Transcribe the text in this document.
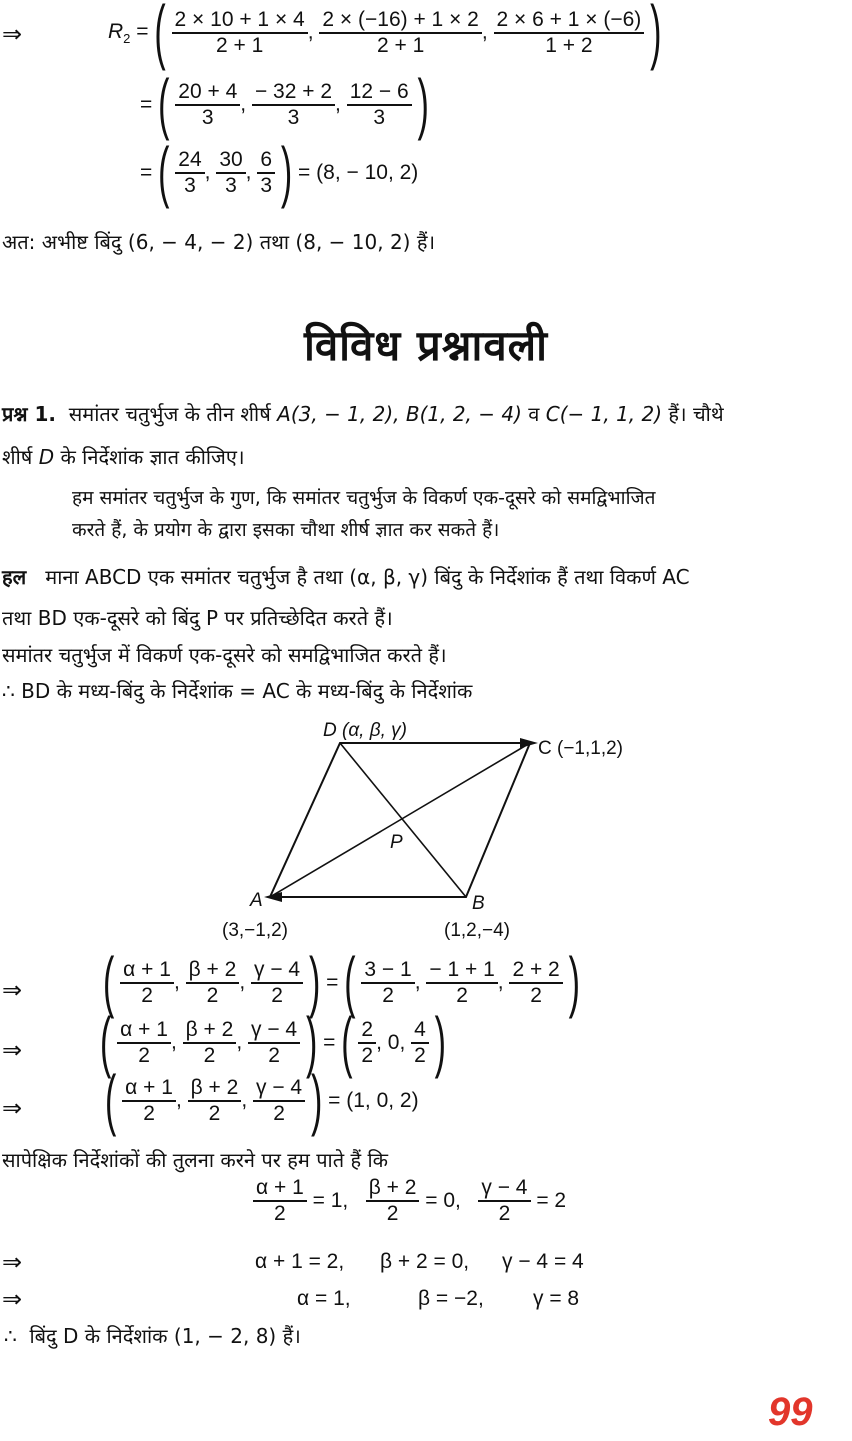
⇒	$R_2$ = ( $\frac{2 \times 10 + 1 \times 4}{2 + 1}$ , $\frac{2 \times (-16) + 1 \times 2}{2 + 1}$ , $\frac{2 \times 6 + 1 \times (-6)}{1 + 2}$ )
= ( $\frac{20 + 4}{3}$ , $\frac{- 32 + 2}{3}$ , $\frac{12 - 6}{3}$ )
= ( $\frac{24}{3}$ , $\frac{30}{3}$ , $\frac{6}{3}$ ) = (8, − 10, 2)
अत: अभीष्ट बिंदु (6, − 4, − 2) तथा (8, − 10, 2) हैं।
विविध प्रश्नावली
प्रश्न 1. समांतर चतुर्भुज के तीन शीर्ष A(3, − 1, 2), B(1, 2, − 4) व C(− 1, 1, 2) हैं। चौथे
शीर्ष D के निर्देशांक ज्ञात कीजिए।
हम समांतर चतुर्भुज के गुण, कि समांतर चतुर्भुज के विकर्ण एक-दूसरे को समद्विभाजित
करते हैं, के प्रयोग के द्वारा इसका चौथा शीर्ष ज्ञात कर सकते हैं।
हल माना ABCD एक समांतर चतुर्भुज है तथा (α, β, γ) बिंदु के निर्देशांक हैं तथा विकर्ण AC
तथा BD एक-दूसरे को बिंदु P पर प्रतिच्छेदित करते हैं।
समांतर चतुर्भुज में विकर्ण एक-दूसरे को समद्विभाजित करते हैं।
∴ BD के मध्य-बिंदु के निर्देशांक = AC के मध्य-बिंदु के निर्देशांक
D (α, β, γ)
C (−1,1,2)
P
A	B
(3,−1,2)	(1,2,−4)
⇒ ( $\frac{\alpha + 1}{2}$ , $\frac{\beta + 2}{2}$ , $\frac{\gamma - 4}{2}$ ) = ( $\frac{3 - 1}{2}$ , $\frac{- 1 + 1}{2}$ , $\frac{2 + 2}{2}$ )
⇒ ( $\frac{\alpha + 1}{2}$ , $\frac{\beta + 2}{2}$ , $\frac{\gamma - 4}{2}$ ) = ( $\frac{2}{2}$ , 0, $\frac{4}{2}$ )
⇒ ( $\frac{\alpha + 1}{2}$ , $\frac{\beta + 2}{2}$ , $\frac{\gamma - 4}{2}$ ) = (1, 0, 2)
सापेक्षिक निर्देशांकों की तुलना करने पर हम पाते हैं कि
$\frac{\alpha + 1}{2} = 1$, $\frac{\beta + 2}{2} = 0$, $\frac{\gamma - 4}{2} = 2$
⇒	α + 1 = 2, β + 2 = 0, γ − 4 = 4
⇒	α = 1,	β = −2, γ = 8
∴ बिंदु D के निर्देशांक (1, − 2, 8) हैं।
99
